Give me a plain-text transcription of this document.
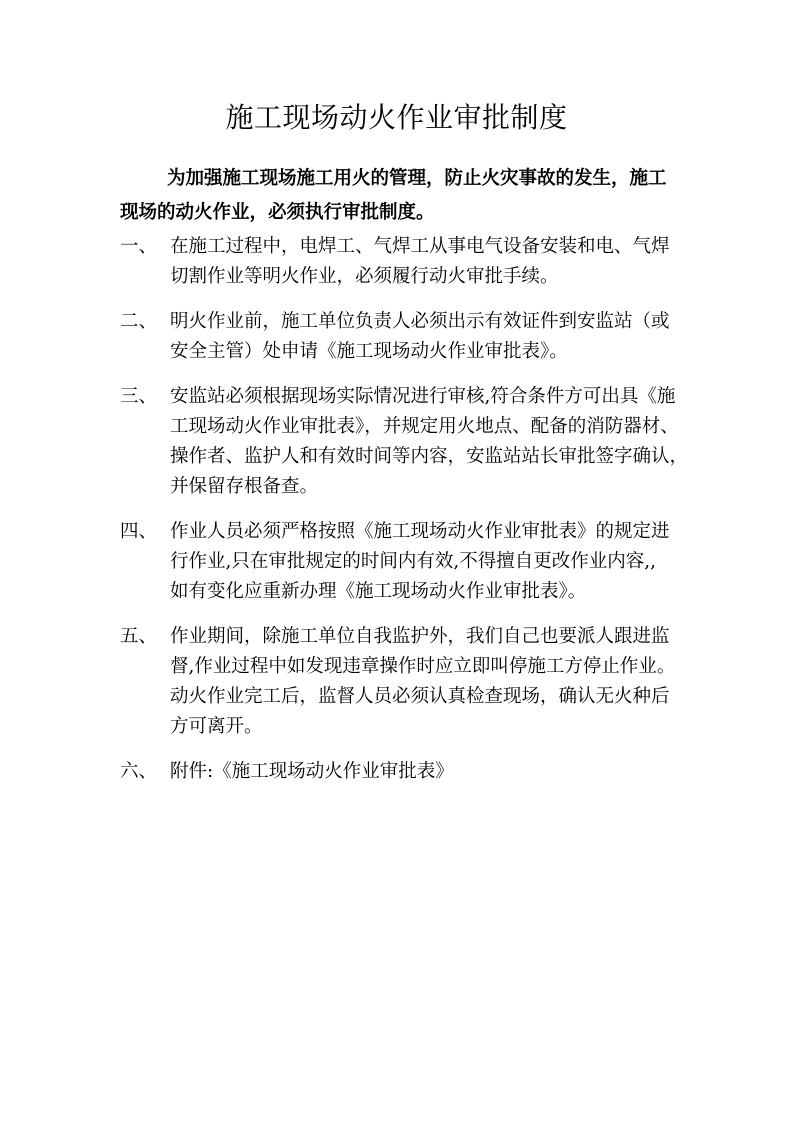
施工现场动火作业审批制度
为加强施工现场施工用火的管理，防止火灾事故的发生，施工
现场的动火作业，必须执行审批制度。
一、 在施工过程中，电焊工、气焊工从事电气设备安装和电、气焊
切割作业等明火作业，必须履行动火审批手续。
二、 明火作业前，施工单位负责人必须出示有效证件到安监站（或
安全主管）处申请《施工现场动火作业审批表》。
三、 安监站必须根据现场实际情况进行审核,符合条件方可出具《施
工现场动火作业审批表》，并规定用火地点、配备的消防器材、
操作者、监护人和有效时间等内容，安监站站长审批签字确认，
并保留存根备查。
四、 作业人员必须严格按照《施工现场动火作业审批表》的规定进
行作业,只在审批规定的时间内有效,不得擅自更改作业内容,,
如有变化应重新办理《施工现场动火作业审批表》。
五、 作业期间，除施工单位自我监护外，我们自己也要派人跟进监
督,作业过程中如发现违章操作时应立即叫停施工方停止作业。
动火作业完工后，监督人员必须认真检查现场，确认无火种后
方可离开。
六、 附件:《施工现场动火作业审批表》
